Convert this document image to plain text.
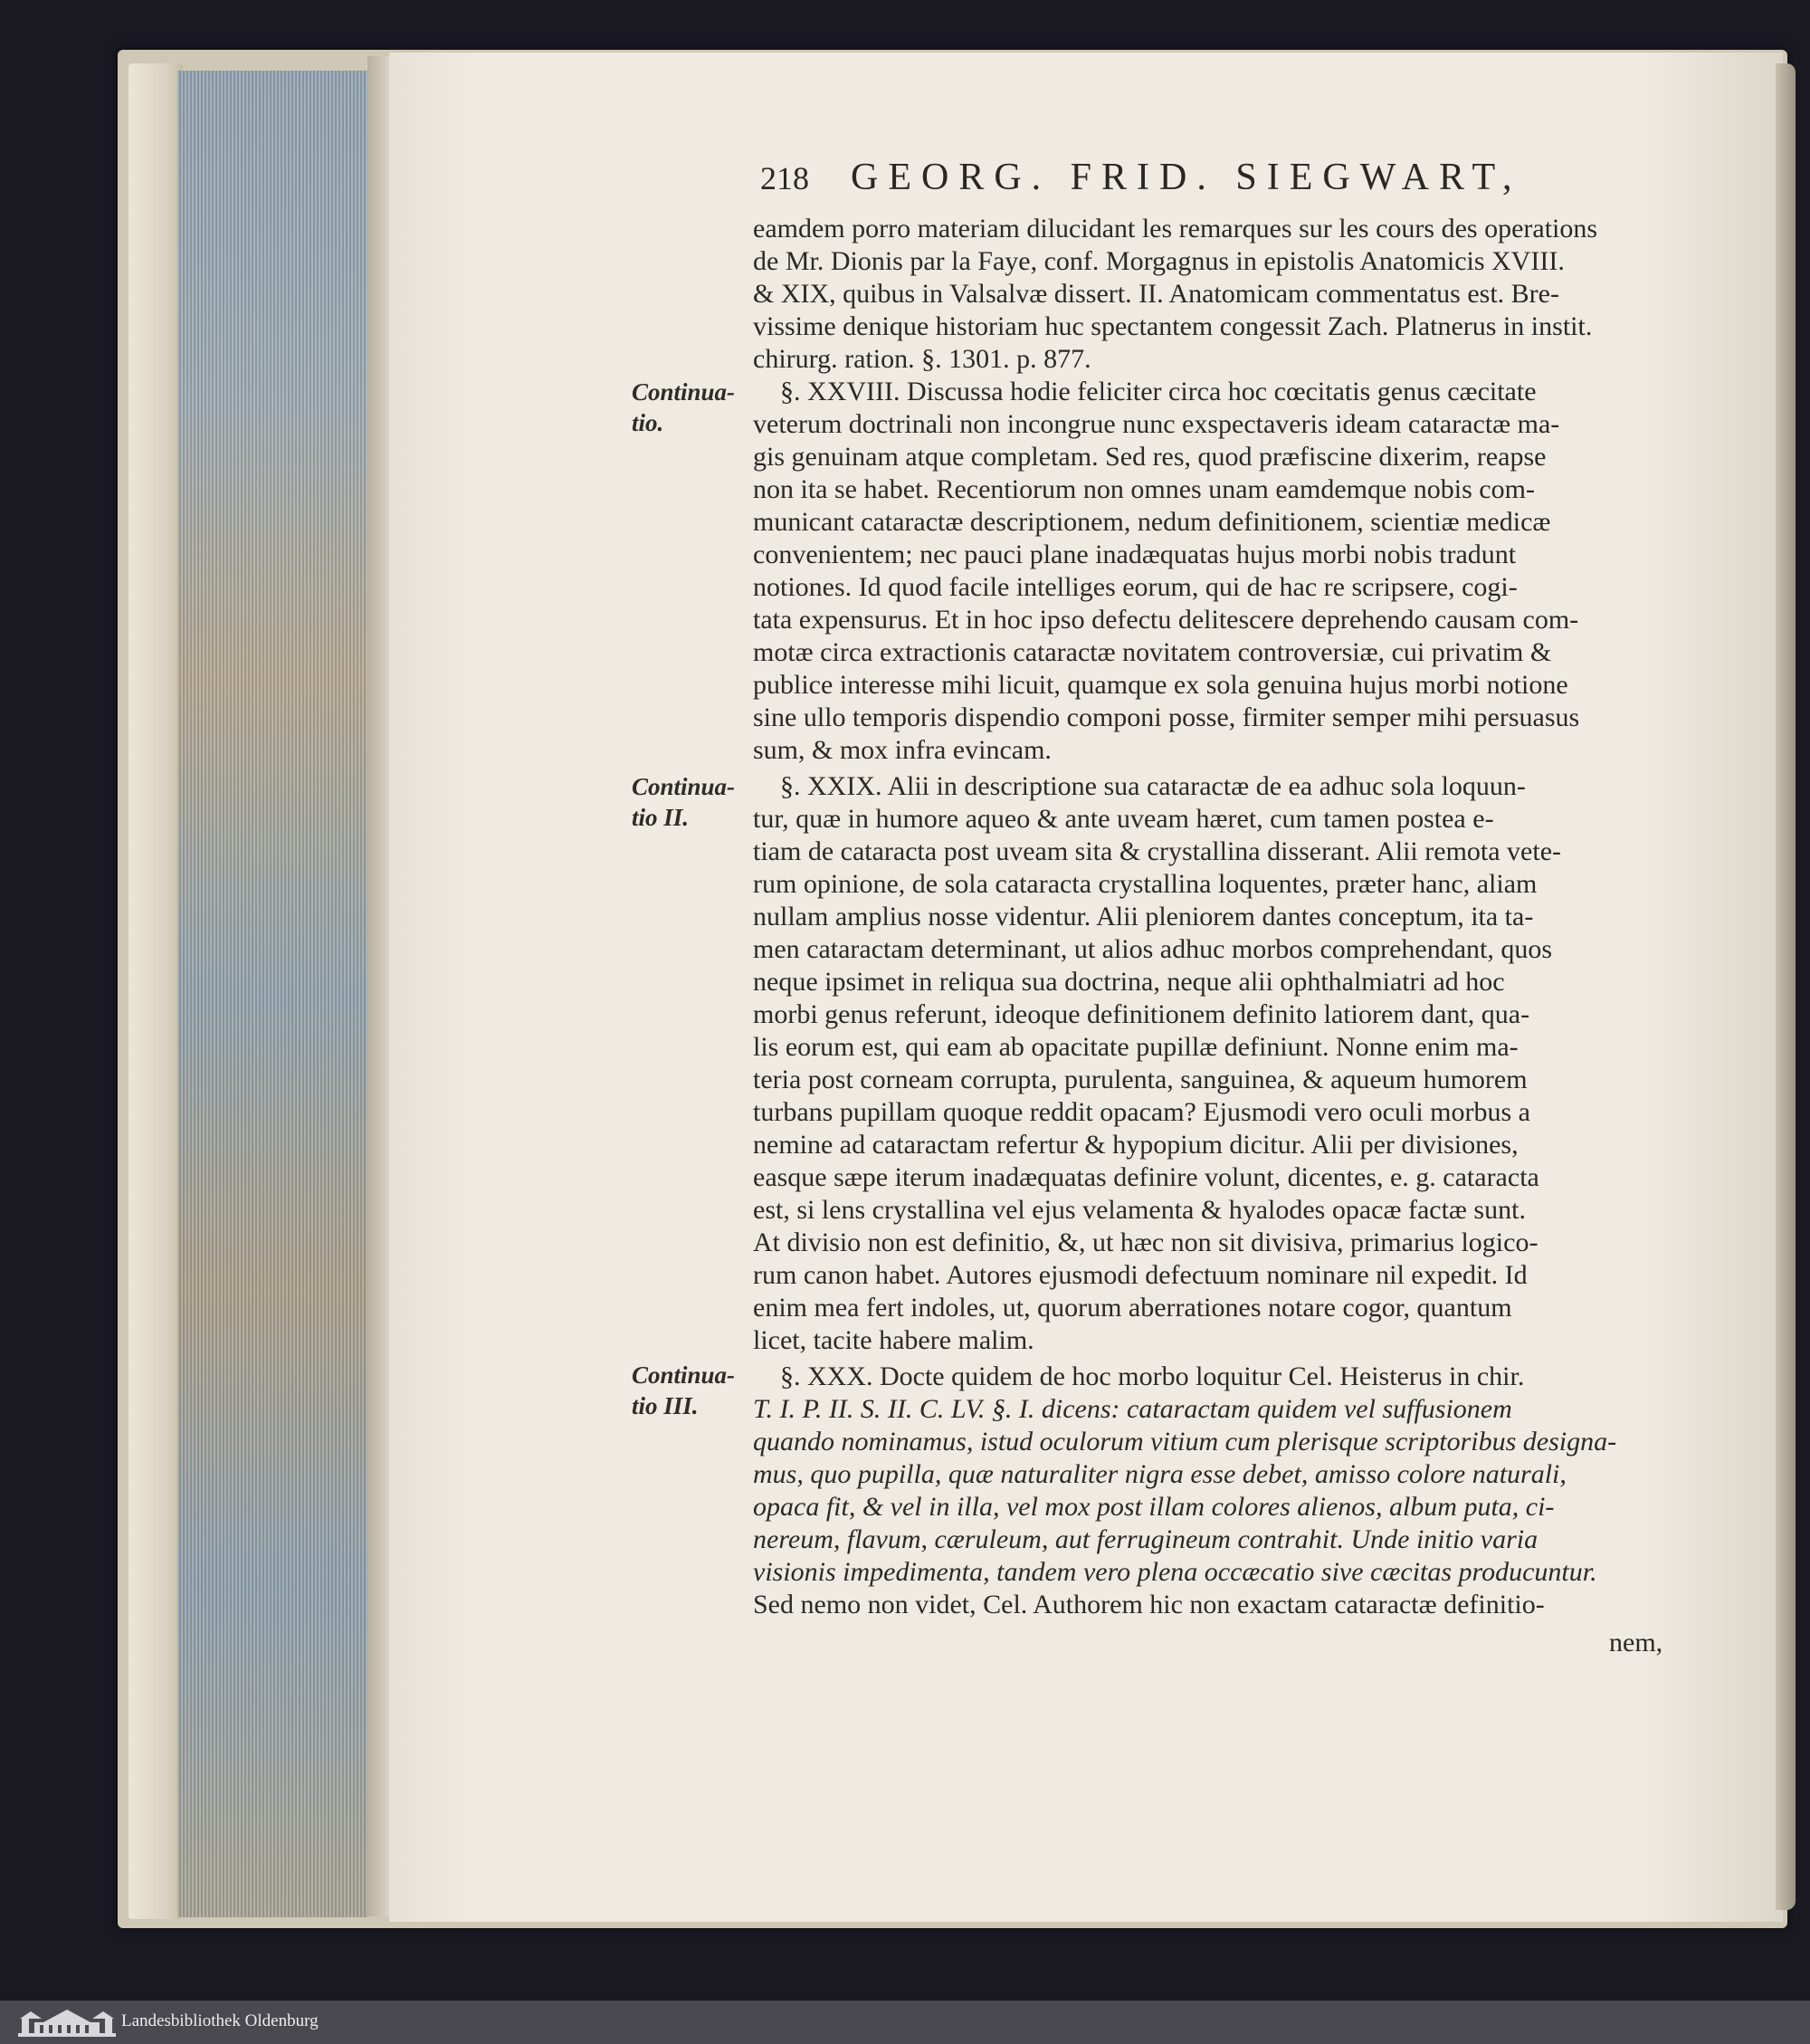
218 GEORG. FRID. SIEGWART,
eamdem porro materiam dilucidant les remarques sur les cours des operations
de Mr. Dionis par la Faye, conf. Morgagnus in epistolis Anatomicis XVIII.
& XIX, quibus in Valsalvæ dissert. II. Anatomicam commentatus est. Bre-
vissime denique historiam huc spectantem congessit Zach. Platnerus in instit.
chirurg. ration. §. 1301. p. 877.
§. XXVIII. Discussa hodie feliciter circa hoc cœcitatis genus cæcitate
veterum doctrinali non incongrue nunc exspectaveris ideam cataractæ ma-
gis genuinam atque completam. Sed res, quod præfiscine dixerim, reapse
non ita se habet. Recentiorum non omnes unam eamdemque nobis com-
municant cataractæ descriptionem, nedum definitionem, scientiæ medicæ
convenientem; nec pauci plane inadæquatas hujus morbi nobis tradunt
notiones. Id quod facile intelliges eorum, qui de hac re scripsere, cogi-
tata expensurus. Et in hoc ipso defectu delitescere deprehendo causam com-
motæ circa extractionis cataractæ novitatem controversiæ, cui privatim &
publice interesse mihi licuit, quamque ex sola genuina hujus morbi notione
sine ullo temporis dispendio componi posse, firmiter semper mihi persuasus
sum, & mox infra evincam.
§. XXIX. Alii in descriptione sua cataractæ de ea adhuc sola loquun-
tur, quæ in humore aqueo & ante uveam hæret, cum tamen postea e-
tiam de cataracta post uveam sita & crystallina disserant. Alii remota vete-
rum opinione, de sola cataracta crystallina loquentes, præter hanc, aliam
nullam amplius nosse videntur. Alii pleniorem dantes conceptum, ita ta-
men cataractam determinant, ut alios adhuc morbos comprehendant, quos
neque ipsimet in reliqua sua doctrina, neque alii ophthalmiatri ad hoc
morbi genus referunt, ideoque definitionem definito latiorem dant, qua-
lis eorum est, qui eam ab opacitate pupillæ definiunt. Nonne enim ma-
teria post corneam corrupta, purulenta, sanguinea, & aqueum humorem
turbans pupillam quoque reddit opacam? Ejusmodi vero oculi morbus a
nemine ad cataractam refertur & hypopium dicitur. Alii per divisiones,
easque sæpe iterum inadæquatas definire volunt, dicentes, e. g. cataracta
est, si lens crystallina vel ejus velamenta & hyalodes opacæ factæ sunt.
At divisio non est definitio, &, ut hæc non sit divisiva, primarius logico-
rum canon habet. Autores ejusmodi defectuum nominare nil expedit. Id
enim mea fert indoles, ut, quorum aberrationes notare cogor, quantum
licet, tacite habere malim.
§. XXX. Docte quidem de hoc morbo loquitur Cel. Heisterus in chir.
T. I. P. II. S. II. C. LV. §. I. dicens: cataractam quidem vel suffusionem
quando nominamus, istud oculorum vitium cum plerisque scriptoribus designa-
mus, quo pupilla, quæ naturaliter nigra esse debet, amisso colore naturali,
opaca fit, & vel in illa, vel mox post illam colores alienos, album puta, ci-
nereum, flavum, cæruleum, aut ferrugineum contrahit. Unde initio varia
visionis impedimenta, tandem vero plena occæcatio sive cæcitas producuntur.
Sed nemo non videt, Cel. Authorem hic non exactam cataractæ definitio-
nem,
Continua-
tio.
Continua-
tio II.
Continua-
tio III.
Landesbibliothek Oldenburg
